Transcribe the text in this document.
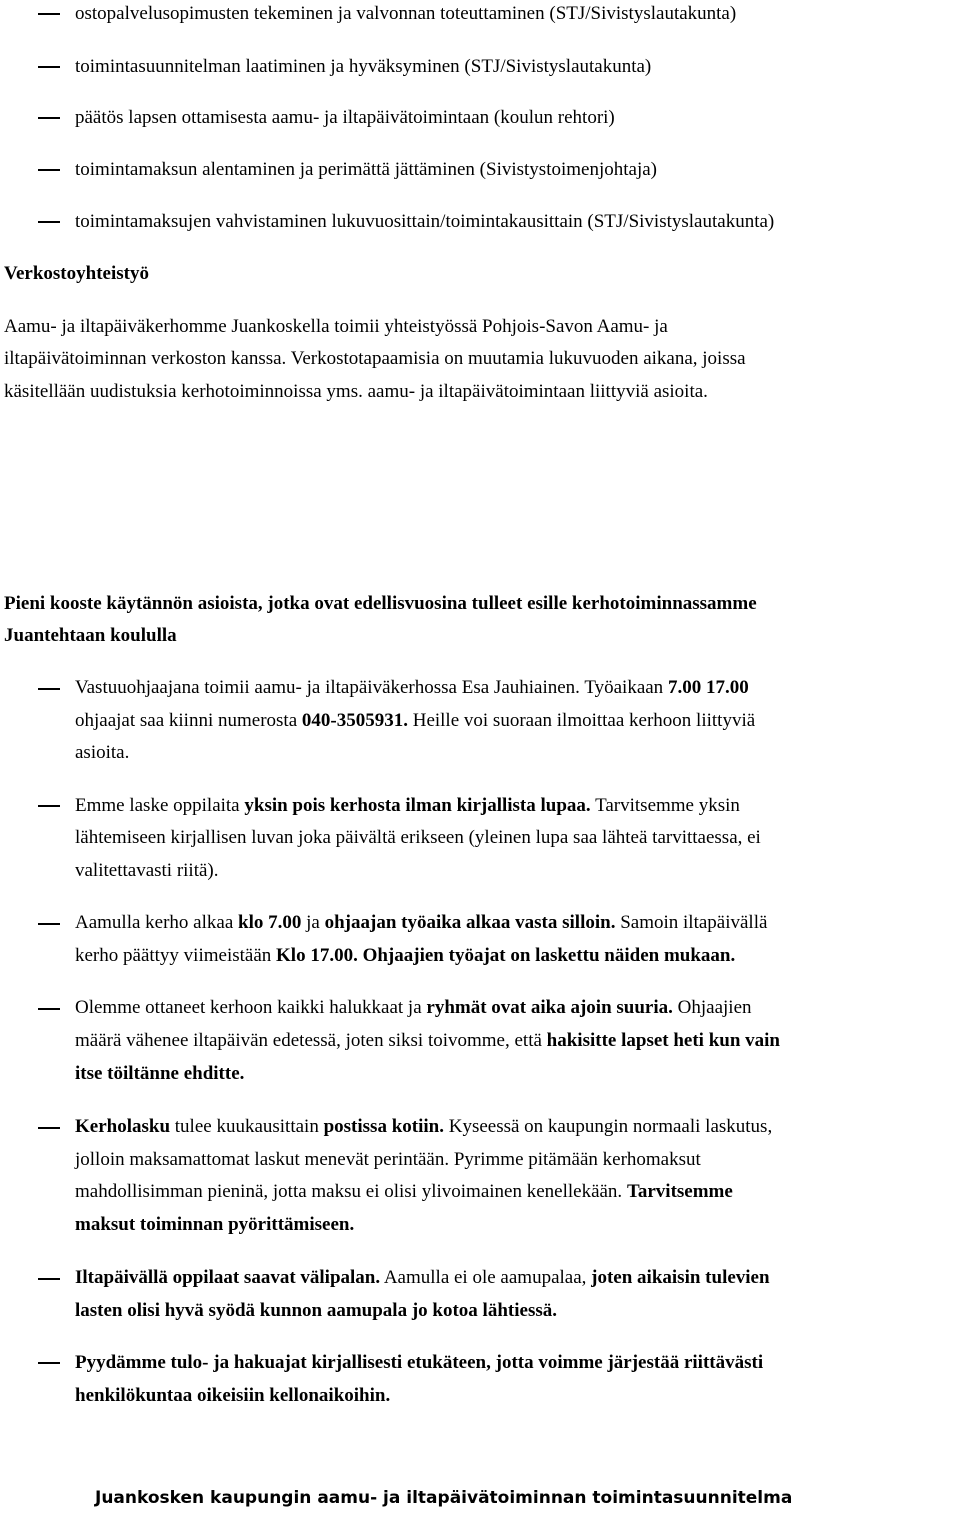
ostopalvelusopimusten tekeminen ja valvonnan toteuttaminen (STJ/Sivistyslautakunta)
toimintasuunnitelman laatiminen ja hyväksyminen (STJ/Sivistyslautakunta)
päätös lapsen ottamisesta aamu- ja iltapäivätoimintaan (koulun rehtori)
toimintamaksun alentaminen ja perimättä jättäminen (Sivistystoimenjohtaja)
toimintamaksujen vahvistaminen lukuvuosittain/toimintakausittain (STJ/Sivistyslautakunta)
Verkostoyhteistyö
Aamu- ja iltapäiväkerhomme Juankoskella toimii yhteistyössä Pohjois-Savon Aamu- ja
iltapäivätoiminnan verkoston kanssa. Verkostotapaamisia on muutamia lukuvuoden aikana, joissa
käsitellään uudistuksia kerhotoiminnoissa yms. aamu- ja iltapäivätoimintaan liittyviä asioita.
Pieni kooste käytännön asioista, jotka ovat edellisvuosina tulleet esille kerhotoiminnassamme
Juantehtaan koululla
Vastuuohjaajana toimii aamu- ja iltapäiväkerhossa Esa Jauhiainen. Työaikaan 7.00 17.00
ohjaajat saa kiinni numerosta 040-3505931. Heille voi suoraan ilmoittaa kerhoon liittyviä
asioita.
Emme laske oppilaita yksin pois kerhosta ilman kirjallista lupaa. Tarvitsemme yksin
lähtemiseen kirjallisen luvan joka päivältä erikseen (yleinen lupa saa lähteä tarvittaessa, ei
valitettavasti riitä).
Aamulla kerho alkaa klo 7.00 ja ohjaajan työaika alkaa vasta silloin. Samoin iltapäivällä
kerho päättyy viimeistään Klo 17.00. Ohjaajien työajat on laskettu näiden mukaan.
Olemme ottaneet kerhoon kaikki halukkaat ja ryhmät ovat aika ajoin suuria. Ohjaajien
määrä vähenee iltapäivän edetessä, joten siksi toivomme, että hakisitte lapset heti kun vain
itse töiltänne ehditte.
Kerholasku tulee kuukausittain postissa kotiin. Kyseessä on kaupungin normaali laskutus,
jolloin maksamattomat laskut menevät perintään. Pyrimme pitämään kerhomaksut
mahdollisimman pieninä, jotta maksu ei olisi ylivoimainen kenellekään. Tarvitsemme
maksut toiminnan pyörittämiseen.
Iltapäivällä oppilaat saavat välipalan. Aamulla ei ole aamupalaa, joten aikaisin tulevien
lasten olisi hyvä syödä kunnon aamupala jo kotoa lähtiessä.
Pyydämme tulo- ja hakuajat kirjallisesti etukäteen, jotta voimme järjestää riittävästi
henkilökuntaa oikeisiin kellonaikoihin.
Juankosken kaupungin aamu- ja iltapäivätoiminnan toimintasuunnitelma
